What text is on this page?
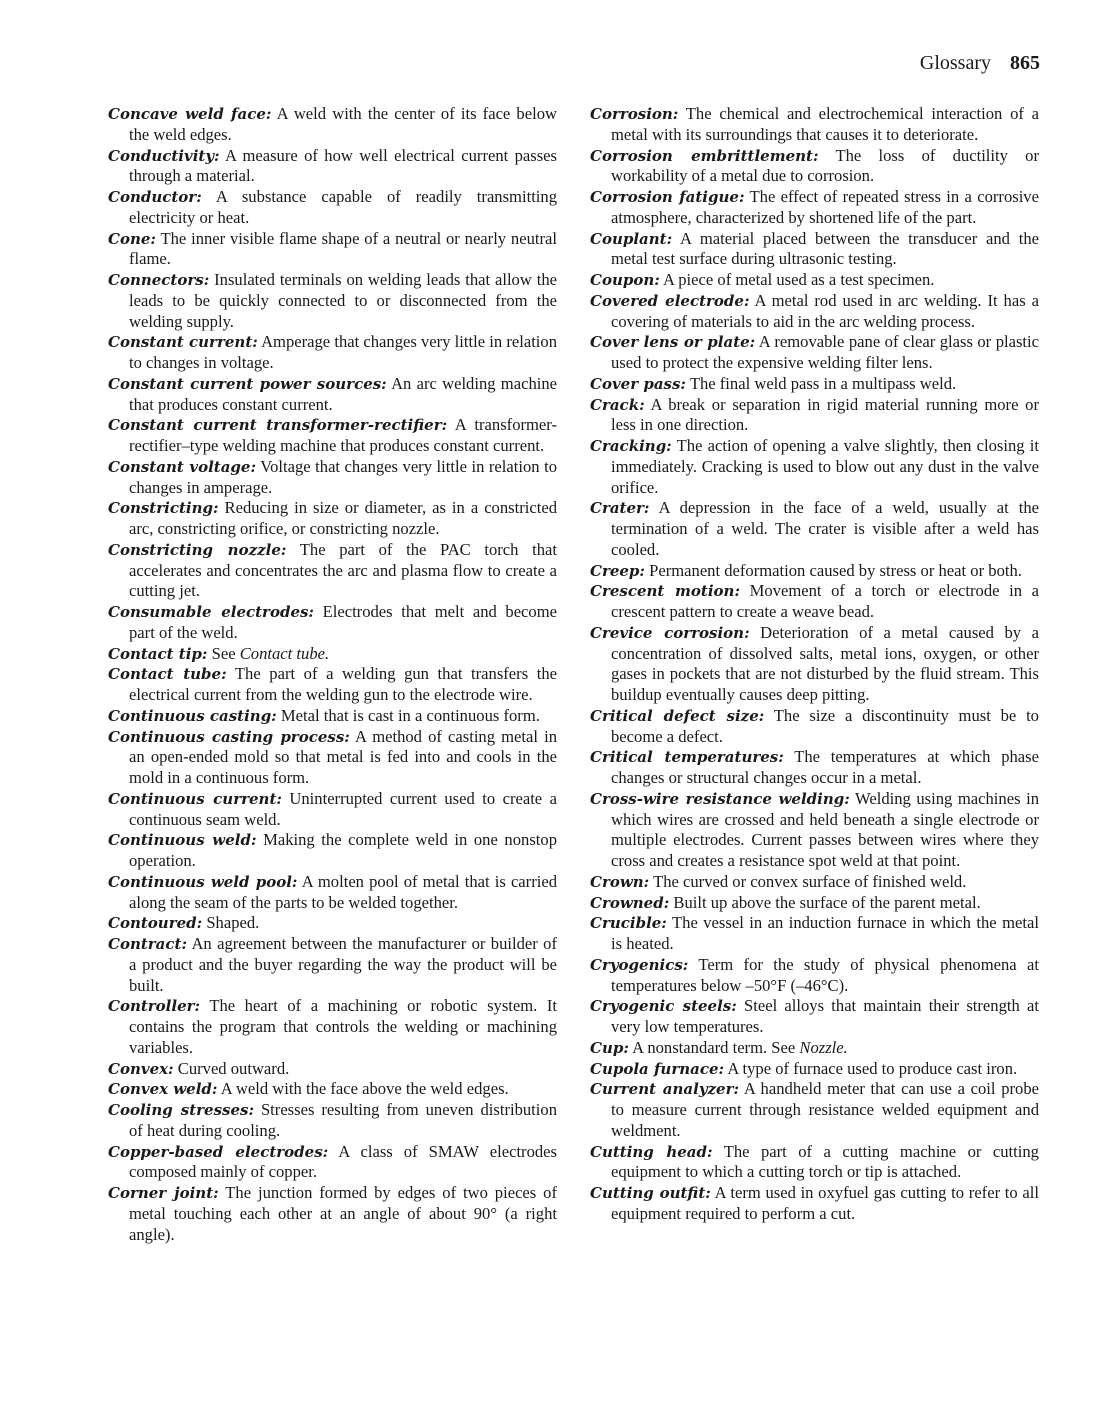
Glossary 865

Concave weld face: A weld with the center of its face below the weld edges.

Conductivity: A measure of how well electrical current passes through a material.

Conductor: A substance capable of readily transmitting electricity or heat.

Cone: The inner visible flame shape of a neutral or nearly neutral flame.

Connectors: Insulated terminals on welding leads that allow the leads to be quickly connected to or disconnected from the welding supply.

Constant current: Amperage that changes very little in relation to changes in voltage.

Constant current power sources: An arc welding machine that produces constant current.

Constant current transformer-rectifier: A transformer-rectifier–type welding machine that produces constant current.

Constant voltage: Voltage that changes very little in relation to changes in amperage.

Constricting: Reducing in size or diameter, as in a constricted arc, constricting orifice, or constricting nozzle.

Constricting nozzle: The part of the PAC torch that accelerates and concentrates the arc and plasma flow to create a cutting jet.

Consumable electrodes: Electrodes that melt and become part of the weld.

Contact tip: See Contact tube.

Contact tube: The part of a welding gun that transfers the electrical current from the welding gun to the electrode wire.

Continuous casting: Metal that is cast in a continuous form.

Continuous casting process: A method of casting metal in an open-ended mold so that metal is fed into and cools in the mold in a continuous form.

Continuous current: Uninterrupted current used to create a continuous seam weld.

Continuous weld: Making the complete weld in one nonstop operation.

Continuous weld pool: A molten pool of metal that is carried along the seam of the parts to be welded together.

Contoured: Shaped.

Contract: An agreement between the manufacturer or builder of a product and the buyer regarding the way the product will be built.

Controller: The heart of a machining or robotic system. It contains the program that controls the welding or machining variables.

Convex: Curved outward.

Convex weld: A weld with the face above the weld edges.

Cooling stresses: Stresses resulting from uneven distribution of heat during cooling.

Copper-based electrodes: A class of SMAW electrodes composed mainly of copper.

Corner joint: The junction formed by edges of two pieces of metal touching each other at an angle of about 90° (a right angle).

Corrosion: The chemical and electrochemical interaction of a metal with its surroundings that causes it to deteriorate.

Corrosion embrittlement: The loss of ductility or workability of a metal due to corrosion.

Corrosion fatigue: The effect of repeated stress in a corrosive atmosphere, characterized by shortened life of the part.

Couplant: A material placed between the transducer and the metal test surface during ultrasonic testing.

Coupon: A piece of metal used as a test specimen.

Covered electrode: A metal rod used in arc welding. It has a covering of materials to aid in the arc welding process.

Cover lens or plate: A removable pane of clear glass or plastic used to protect the expensive welding filter lens.

Cover pass: The final weld pass in a multipass weld.

Crack: A break or separation in rigid material running more or less in one direction.

Cracking: The action of opening a valve slightly, then closing it immediately. Cracking is used to blow out any dust in the valve orifice.

Crater: A depression in the face of a weld, usually at the termination of a weld. The crater is visible after a weld has cooled.

Creep: Permanent deformation caused by stress or heat or both.

Crescent motion: Movement of a torch or electrode in a crescent pattern to create a weave bead.

Crevice corrosion: Deterioration of a metal caused by a concentration of dissolved salts, metal ions, oxygen, or other gases in pockets that are not disturbed by the fluid stream. This buildup eventually causes deep pitting.

Critical defect size: The size a discontinuity must be to become a defect.

Critical temperatures: The temperatures at which phase changes or structural changes occur in a metal.

Cross-wire resistance welding: Welding using machines in which wires are crossed and held beneath a single electrode or multiple electrodes. Current passes between wires where they cross and creates a resistance spot weld at that point.

Crown: The curved or convex surface of finished weld.

Crowned: Built up above the surface of the parent metal.

Crucible: The vessel in an induction furnace in which the metal is heated.

Cryogenics: Term for the study of physical phenomena at temperatures below –50°F (–46°C).

Cryogenic steels: Steel alloys that maintain their strength at very low temperatures.

Cup: A nonstandard term. See Nozzle.

Cupola furnace: A type of furnace used to produce cast iron.

Current analyzer: A handheld meter that can use a coil probe to measure current through resistance welded equipment and weldment.

Cutting head: The part of a cutting machine or cutting equipment to which a cutting torch or tip is attached.

Cutting outfit: A term used in oxyfuel gas cutting to refer to all equipment required to perform a cut.
